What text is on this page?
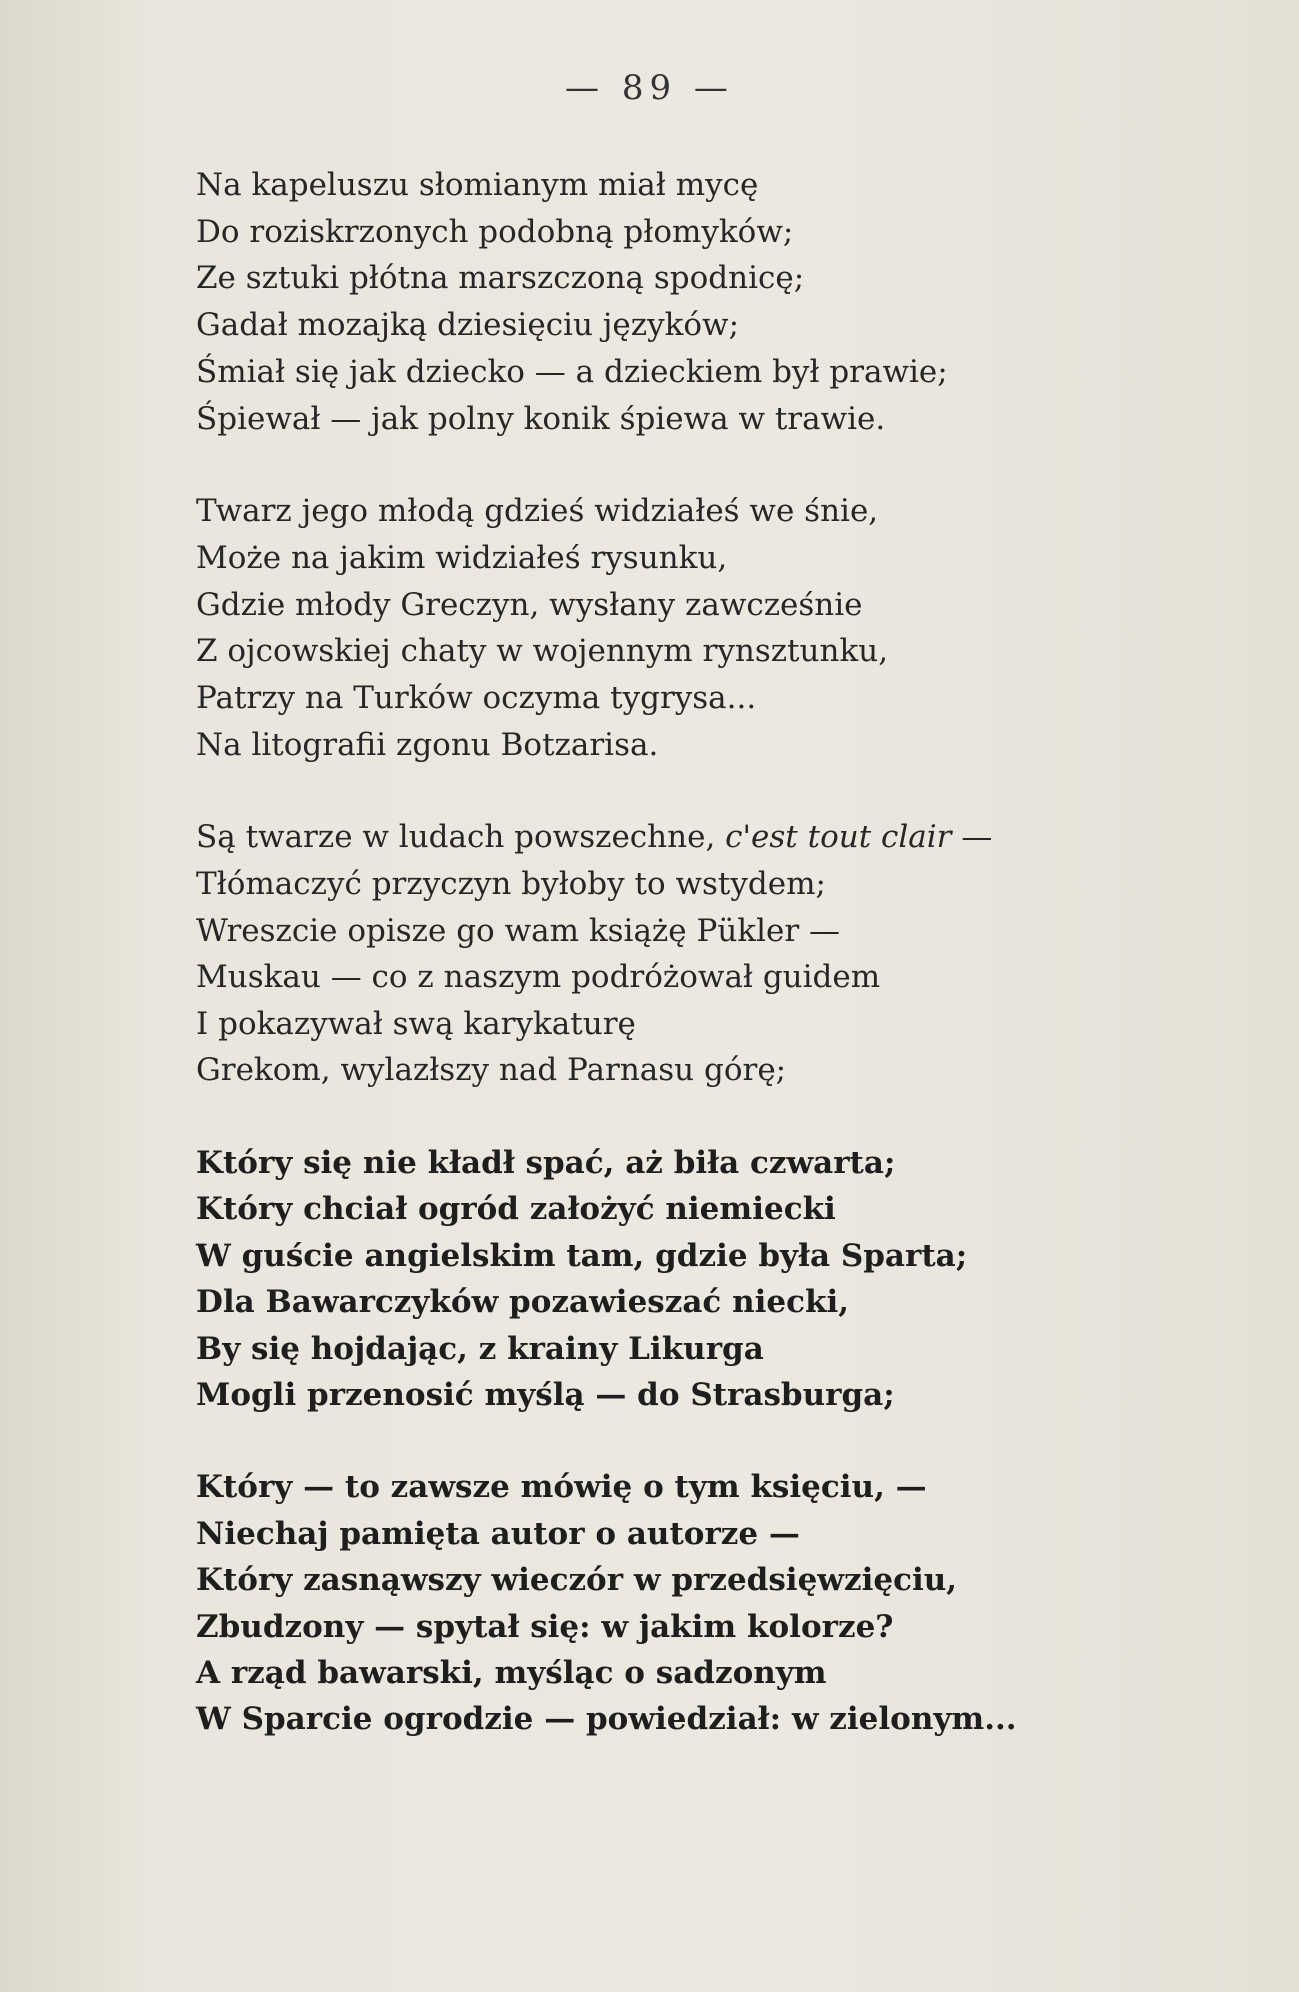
— 89 —
Na kapeluszu słomianym miał mycę
Do roziskrzonych podobną płomyków;
Ze sztuki płótna marszczoną spodnicę;
Gadał mozajką dziesięciu języków;
Śmiał się jak dziecko — a dzieckiem był prawie;
Śpiewał — jak polny konik śpiewa w trawie.
Twarz jego młodą gdzieś widziałeś we śnie,
Może na jakim widziałeś rysunku,
Gdzie młody Greczyn, wysłany zawcześnie
Z ojcowskiej chaty w wojennym rynsztunku,
Patrzy na Turków oczyma tygrysa...
Na litografii zgonu Botzarisa.
Są twarze w ludach powszechne, c'est tout clair —
Tłómaczyć przyczyn byłoby to wstydem;
Wreszcie opisze go wam książę Pükler —
Muskau — co z naszym podróżował guidem
I pokazywał swą karykaturę
Grekom, wylazłszy nad Parnasu górę;
Który się nie kładł spać, aż biła czwarta;
Który chciał ogród założyć niemiecki
W guście angielskim tam, gdzie była Sparta;
Dla Bawarczyków pozawieszać niecki,
By się hojdając, z krainy Likurga
Mogli przenosić myślą — do Strasburga;
Który — to zawsze mówię o tym księciu, —
Niechaj pamięta autor o autorze —
Który zasnąwszy wieczór w przedsięwzięciu,
Zbudzony — spytał się: w jakim kolorze?
A rząd bawarski, myśląc o sadzonym
W Sparcie ogrodzie — powiedział: w zielonym...
